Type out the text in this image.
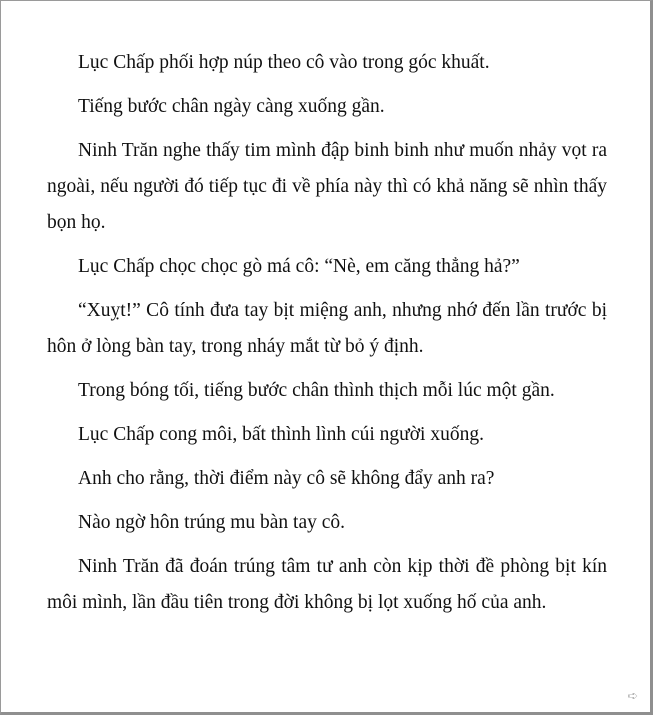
Lục Chấp phối hợp núp theo cô vào trong góc khuất.

Tiếng bước chân ngày càng xuống gần.

Ninh Trăn nghe thấy tim mình đập binh binh như muốn nhảy vọt ra ngoài, nếu người đó tiếp tục đi về phía này thì có khả năng sẽ nhìn thấy bọn họ.

Lục Chấp chọc chọc gò má cô: “Nè, em căng thẳng hả?”

“Xuỵt!” Cô tính đưa tay bịt miệng anh, nhưng nhớ đến lần trước bị hôn ở lòng bàn tay, trong nháy mắt từ bỏ ý định.

Trong bóng tối, tiếng bước chân thình thịch mỗi lúc một gần.

Lục Chấp cong môi, bất thình lình cúi người xuống.

Anh cho rằng, thời điểm này cô sẽ không đẩy anh ra?

Nào ngờ hôn trúng mu bàn tay cô.

Ninh Trăn đã đoán trúng tâm tư anh còn kịp thời đề phòng bịt kín môi mình, lần đầu tiên trong đời không bị lọt xuống hố của anh.

➪
